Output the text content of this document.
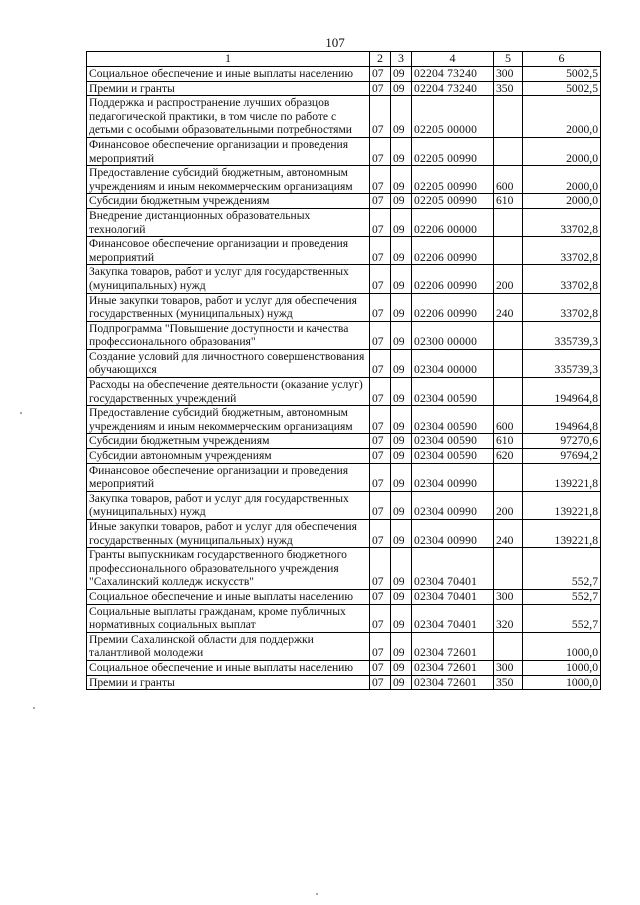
107
1	2	3	4	5	6
Социальное обеспечение и иные выплаты населению	07	09	02204 73240	300	5002,5
Премии и гранты	07	09	02204 73240	350	5002,5
Поддержка и распространение лучших образцов педагогической практики, в том числе по работе с детьми с особыми образовательными потребностями	07	09	02205 00000		2000,0
Финансовое обеспечение организации и проведения мероприятий	07	09	02205 00990		2000,0
Предоставление субсидий бюджетным, автономным учреждениям и иным некоммерческим организациям	07	09	02205 00990	600	2000,0
Субсидии бюджетным учреждениям	07	09	02205 00990	610	2000,0
Внедрение дистанционных образовательных технологий	07	09	02206 00000		33702,8
Финансовое обеспечение организации и проведения мероприятий	07	09	02206 00990		33702,8
Закупка товаров, работ и услуг для государственных (муниципальных) нужд	07	09	02206 00990	200	33702,8
Иные закупки товаров, работ и услуг для обеспечения государственных (муниципальных) нужд	07	09	02206 00990	240	33702,8
Подпрограмма "Повышение доступности и качества профессионального образования"	07	09	02300 00000		335739,3
Создание условий для личностного совершенствования обучающихся	07	09	02304 00000		335739,3
Расходы на обеспечение деятельности (оказание услуг) государственных учреждений	07	09	02304 00590		194964,8
Предоставление субсидий бюджетным, автономным учреждениям и иным некоммерческим организациям	07	09	02304 00590	600	194964,8
Субсидии бюджетным учреждениям	07	09	02304 00590	610	97270,6
Субсидии автономным учреждениям	07	09	02304 00590	620	97694,2
Финансовое обеспечение организации и проведения мероприятий	07	09	02304 00990		139221,8
Закупка товаров, работ и услуг для государственных (муниципальных) нужд	07	09	02304 00990	200	139221,8
Иные закупки товаров, работ и услуг для обеспечения государственных (муниципальных) нужд	07	09	02304 00990	240	139221,8
Гранты выпускникам государственного бюджетного профессионального образовательного учреждения "Сахалинский колледж искусств"	07	09	02304 70401		552,7
Социальное обеспечение и иные выплаты населению	07	09	02304 70401	300	552,7
Социальные выплаты гражданам, кроме публичных нормативных социальных выплат	07	09	02304 70401	320	552,7
Премии Сахалинской области для поддержки талантливой молодежи	07	09	02304 72601		1000,0
Социальное обеспечение и иные выплаты населению	07	09	02304 72601	300	1000,0
Премии и гранты	07	09	02304 72601	350	1000,0
